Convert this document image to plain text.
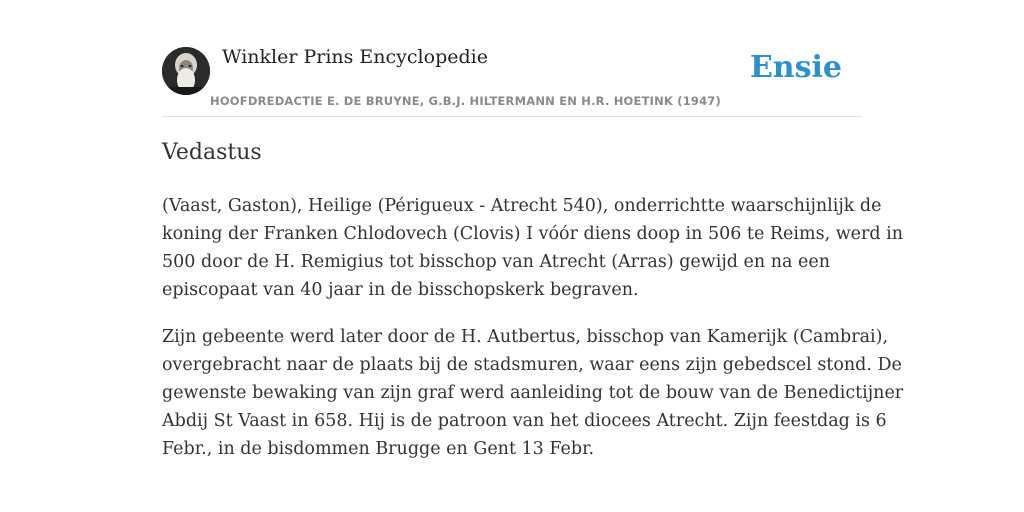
Winkler Prins Encyclopedie
HOOFDREDACTIE E. DE BRUYNE, G.B.J. HILTERMANN EN H.R. HOETINK (1947)
Ensie
Vedastus

(Vaast, Gaston), Heilige (Périgueux - Atrecht 540), onderrichtte waarschijnlijk de
koning der Franken Chlodovech (Clovis) I vóór diens doop in 506 te Reims, werd in
500 door de H. Remigius tot bisschop van Atrecht (Arras) gewijd en na een
episcopaat van 40 jaar in de bisschopskerk begraven.

Zijn gebeente werd later door de H. Autbertus, bisschop van Kamerijk (Cambrai),
overgebracht naar de plaats bij de stadsmuren, waar eens zijn gebedscel stond. De
gewenste bewaking van zijn graf werd aanleiding tot de bouw van de Benedictijner
Abdij St Vaast in 658. Hij is de patroon van het diocees Atrecht. Zijn feestdag is 6
Febr., in de bisdommen Brugge en Gent 13 Febr.
